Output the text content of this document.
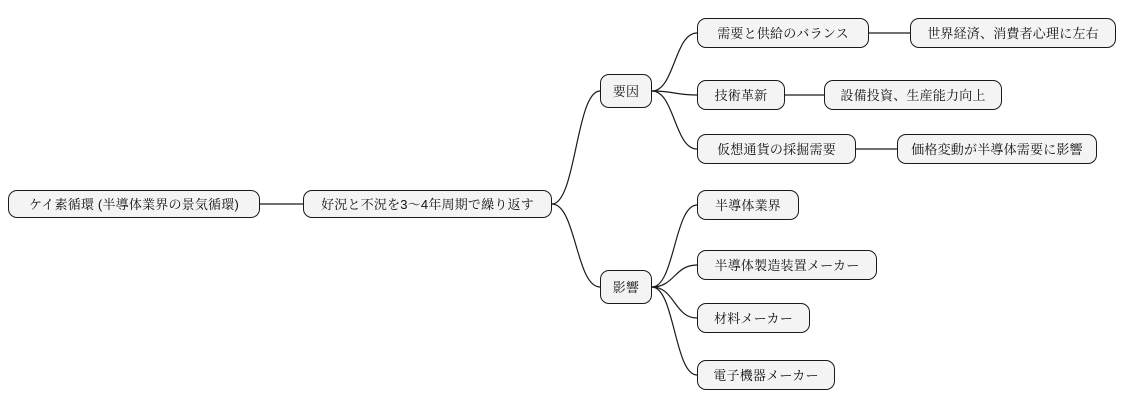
ケイ素循環 (半導体業界の景気循環)	好況と不況を3〜4年周期で繰り返す
要因
影響
需要と供給のバランス
技術革新
仮想通貨の採掘需要
世界経済、消費者心理に左右
設備投資、生産能力向上
価格変動が半導体需要に影響
半導体業界
半導体製造装置メーカー
材料メーカー
電子機器メーカー
